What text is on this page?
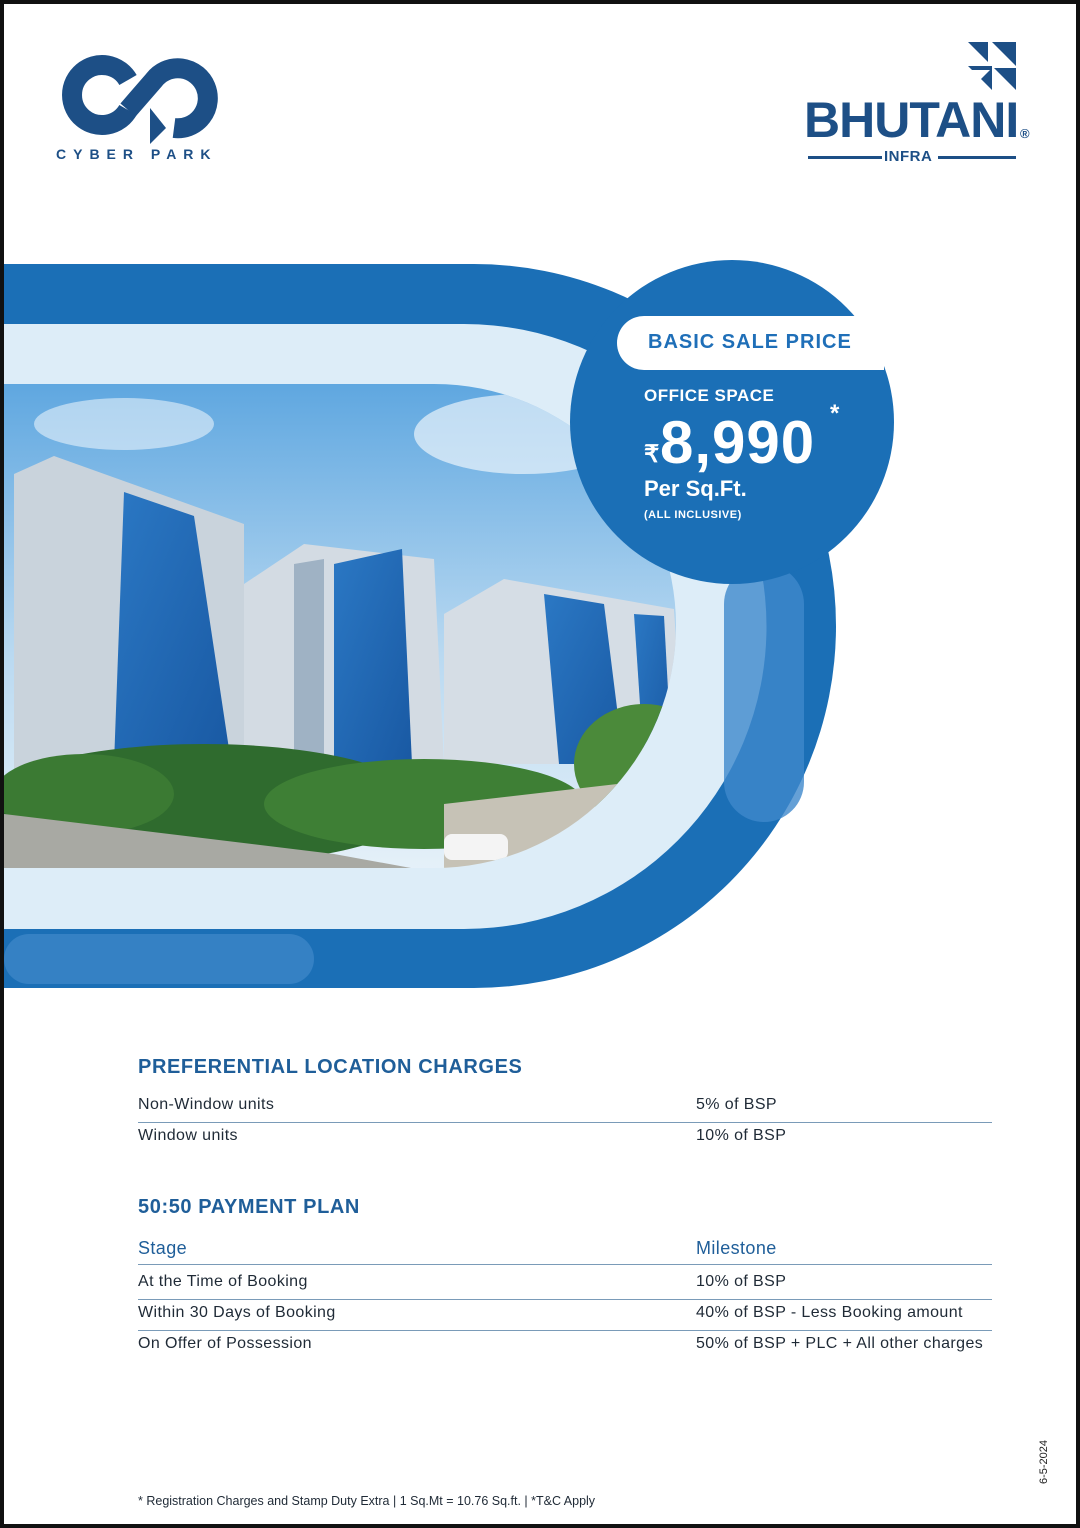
CYBER PARK
BHUTANI ®
INFRA
BASIC SALE PRICE
OFFICE SPACE
₹ 8,990 *
Per Sq.Ft.
(ALL INCLUSIVE)
PREFERENTIAL LOCATION CHARGES
Non-Window units	5% of BSP
Window units	10% of BSP
50:50 PAYMENT PLAN
Stage	Milestone
At the Time of Booking	10% of BSP
Within 30 Days of Booking	40% of BSP - Less Booking amount
On Offer of Possession	50% of BSP + PLC + All other charges
* Registration Charges and Stamp Duty Extra | 1 Sq.Mt = 10.76 Sq.ft. | *T&C Apply
6-5-2024
